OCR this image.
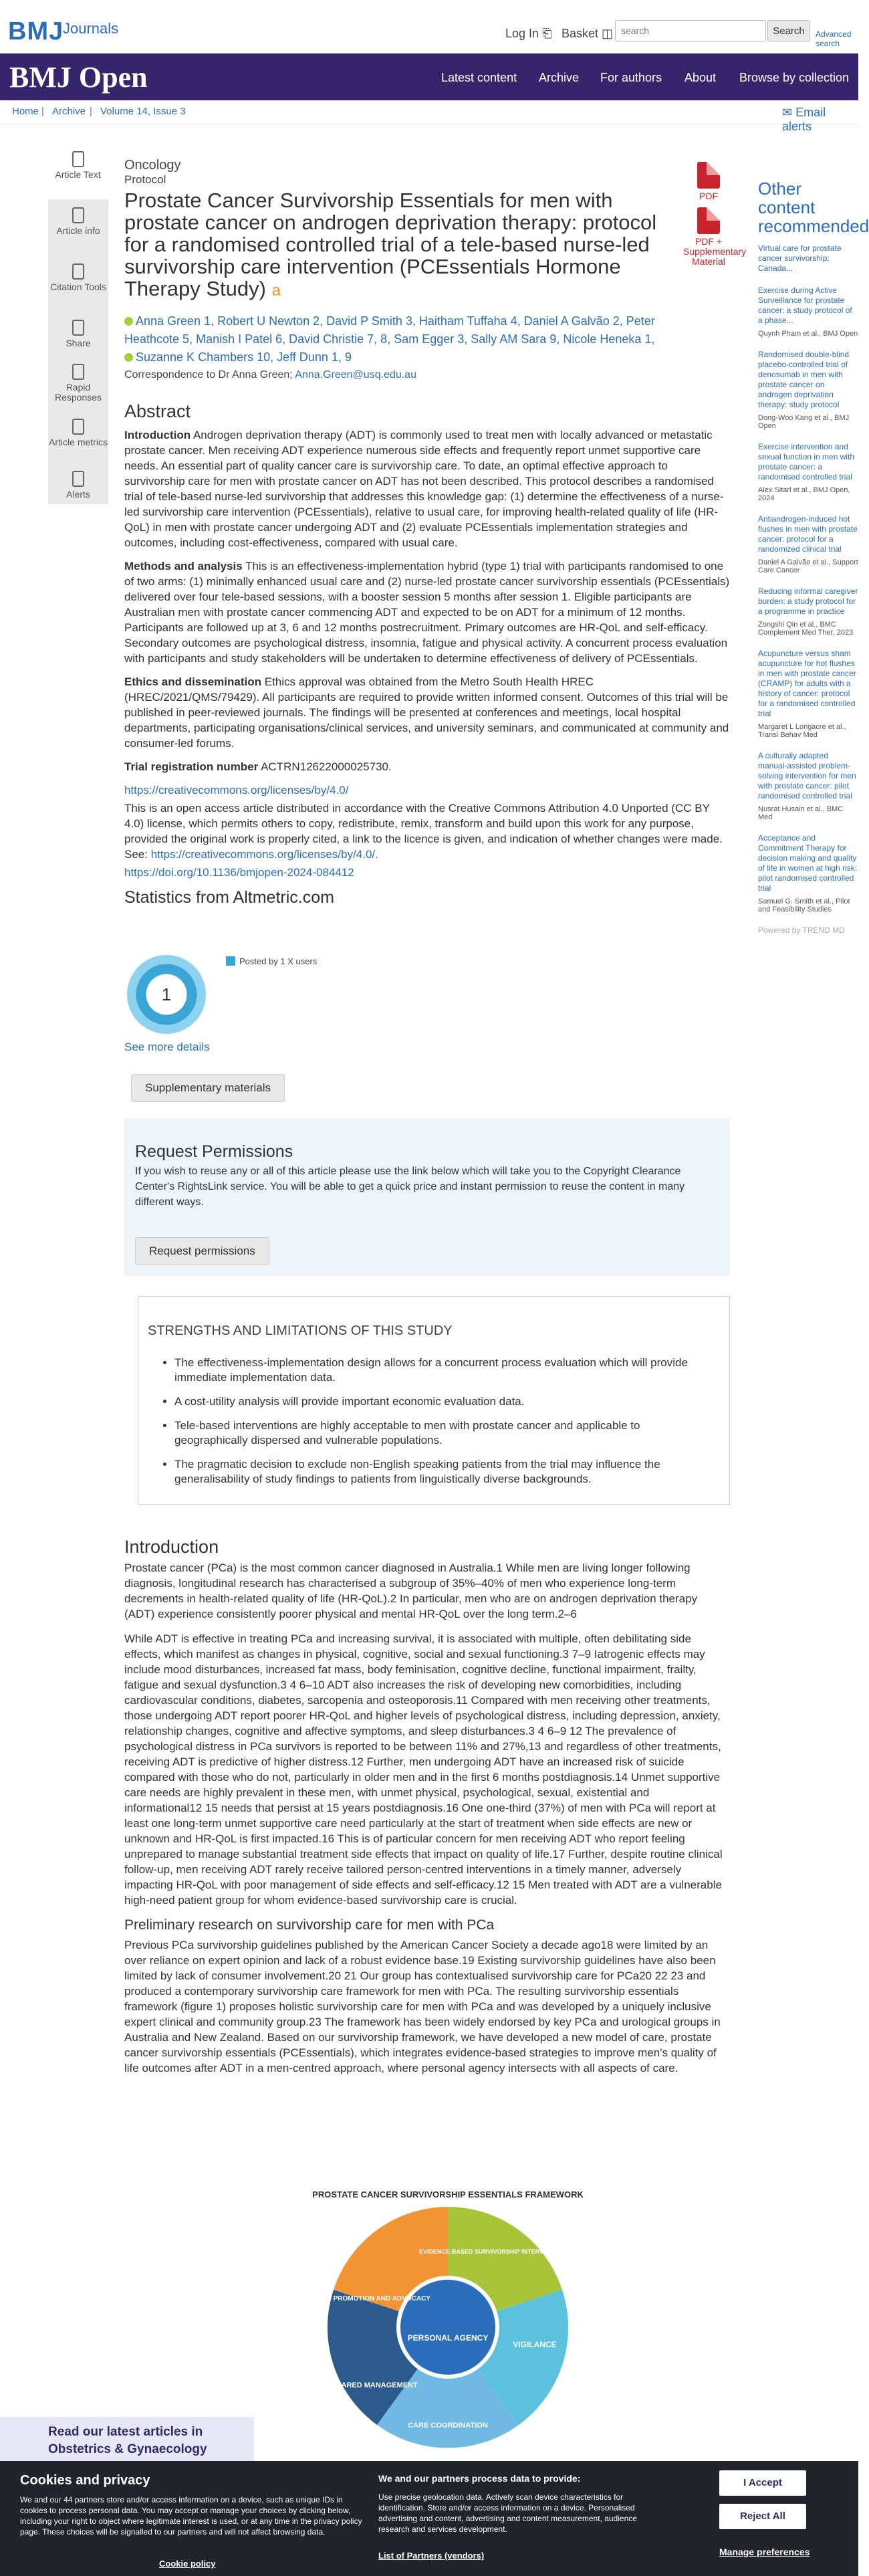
BMJ
Journals	Log In ⎗ Basket ◫
search	Search	Advanced search
BMJ Open	Latest content Archive For authors About Browse by collection
Home | Archive | Volume 14, Issue 3	✉ Email alerts
Article Text
Article info
Citation Tools
Share
Rapid Responses
Article metrics
Alerts
PDF
PDF + Supplementary Material
Oncology
Protocol
Prostate Cancer Survivorship Essentials for men with prostate cancer on androgen deprivation therapy: protocol for a randomised controlled trial of a tele-based nurse-led survivorship care intervention (PCEssentials Hormone Therapy Study) a
Anna Green 1, Robert U Newton 2, David P Smith 3, Haitham Tuffaha 4, Daniel A Galvão 2, Peter
Heathcote 5, Manish I Patel 6, David Christie 7, 8, Sam Egger 3, Sally AM Sara 9, Nicole Heneka 1,
Suzanne K Chambers 10, Jeff Dunn 1, 9
Correspondence to Dr Anna Green; Anna.Green@usq.edu.au
Abstract

Introduction Androgen deprivation therapy (ADT) is commonly used to treat men with locally advanced or metastatic prostate cancer. Men receiving ADT experience numerous side effects and frequently report unmet supportive care needs. An essential part of quality cancer care is survivorship care. To date, an optimal effective approach to survivorship care for men with prostate cancer on ADT has not been described. This protocol describes a randomised trial of tele-based nurse-led survivorship that addresses this knowledge gap: (1) determine the effectiveness of a nurse-led survivorship care intervention (PCEssentials), relative to usual care, for improving health-related quality of life (HR-QoL) in men with prostate cancer undergoing ADT and (2) evaluate PCEssentials implementation strategies and outcomes, including cost-effectiveness, compared with usual care.

Methods and analysis This is an effectiveness-implementation hybrid (type 1) trial with participants randomised to one of two arms: (1) minimally enhanced usual care and (2) nurse-led prostate cancer survivorship essentials (PCEssentials) delivered over four tele-based sessions, with a booster session 5 months after session 1. Eligible participants are Australian men with prostate cancer commencing ADT and expected to be on ADT for a minimum of 12 months. Participants are followed up at 3, 6 and 12 months postrecruitment. Primary outcomes are HR-QoL and self-efficacy. Secondary outcomes are psychological distress, insomnia, fatigue and physical activity. A concurrent process evaluation with participants and study stakeholders will be undertaken to determine effectiveness of delivery of PCEssentials.

Ethics and dissemination Ethics approval was obtained from the Metro South Health HREC (HREC/2021/QMS/79429). All participants are required to provide written informed consent. Outcomes of this trial will be published in peer-reviewed journals. The findings will be presented at conferences and meetings, local hospital departments, participating organisations/clinical services, and university seminars, and communicated at community and consumer-led forums.

Trial registration number ACTRN12622000025730.

https://creativecommons.org/licenses/by/4.0/

This is an open access article distributed in accordance with the Creative Commons Attribution 4.0 Unported (CC BY 4.0) license, which permits others to copy, redistribute, remix, transform and build upon this work for any purpose, provided the original work is properly cited, a link to the licence is given, and indication of whether changes were made. See: https://creativecommons.org/licenses/by/4.0/.

https://doi.org/10.1136/bmjopen-2024-084412

Statistics from Altmetric.com
1
Posted by 1 X users
See more details
Supplementary materials
Request Permissions
If you wish to reuse any or all of this article please use the link below which will take you to the Copyright Clearance Center's RightsLink service. You will be able to get a quick price and instant permission to reuse the content in many different ways.
Request permissions
STRENGTHS AND LIMITATIONS OF THIS STUDY
• The effectiveness-implementation design allows for a concurrent process evaluation which will provide immediate implementation data.
• A cost-utility analysis will provide important economic evaluation data.
• Tele-based interventions are highly acceptable to men with prostate cancer and applicable to geographically dispersed and vulnerable populations.
• The pragmatic decision to exclude non-English speaking patients from the trial may influence the generalisability of study findings to patients from linguistically diverse backgrounds.
Introduction

Prostate cancer (PCa) is the most common cancer diagnosed in Australia.1 While men are living longer following diagnosis, longitudinal research has characterised a subgroup of 35%–40% of men who experience long-term decrements in health-related quality of life (HR-QoL).2 In particular, men who are on androgen deprivation therapy (ADT) experience consistently poorer physical and mental HR-QoL over the long term.2–6

While ADT is effective in treating PCa and increasing survival, it is associated with multiple, often debilitating side effects, which manifest as changes in physical, cognitive, social and sexual functioning.3 7–9 Iatrogenic effects may include mood disturbances, increased fat mass, body feminisation, cognitive decline, functional impairment, frailty, fatigue and sexual dysfunction.3 4 6–10 ADT also increases the risk of developing new comorbidities, including cardiovascular conditions, diabetes, sarcopenia and osteoporosis.11 Compared with men receiving other treatments, those undergoing ADT report poorer HR-QoL and higher levels of psychological distress, including depression, anxiety, relationship changes, cognitive and affective symptoms, and sleep disturbances.3 4 6–9 12 The prevalence of psychological distress in PCa survivors is reported to be between 11% and 27%,13 and regardless of other treatments, receiving ADT is predictive of higher distress.12 Further, men undergoing ADT have an increased risk of suicide compared with those who do not, particularly in older men and in the first 6 months postdiagnosis.14 Unmet supportive care needs are highly prevalent in these men, with unmet physical, psychological, sexual, existential and informational12 15 needs that persist at 15 years postdiagnosis.16 One one-third (37%) of men with PCa will report at least one long-term unmet supportive care need particularly at the start of treatment when side effects are new or unknown and HR-QoL is first impacted.16 This is of particular concern for men receiving ADT who report feeling unprepared to manage substantial treatment side effects that impact on quality of life.17 Further, despite routine clinical follow-up, men receiving ADT rarely receive tailored person-centred interventions in a timely manner, adversely impacting HR-QoL with poor management of side effects and self-efficacy.12 15 Men treated with ADT are a vulnerable high-need patient group for whom evidence-based survivorship care is crucial.

Preliminary research on survivorship care for men with PCa

Previous PCa survivorship guidelines published by the American Cancer Society a decade ago18 were limited by an over reliance on expert opinion and lack of a robust evidence base.19 Existing survivorship guidelines have also been limited by lack of consumer involvement.20 21 Our group has contextualised survivorship care for PCa20 22 23 and produced a contemporary survivorship care framework for men with PCa. The resulting survivorship essentials framework (figure 1) proposes holistic survivorship care for men with PCa and was developed by a uniquely inclusive expert clinical and community group.23 The framework has been widely endorsed by key PCa and urological groups in Australia and New Zealand. Based on our survivorship framework, we have developed a new model of care, prostate cancer survivorship essentials (PCEssentials), which integrates evidence-based strategies to improve men's quality of life outcomes after ADT in a men-centred approach, where personal agency intersects with all aspects of care.

PROSTATE CANCER SURVIVORSHIP ESSENTIALS FRAMEWORK
PERSONAL AGENCY
EVIDENCE-BASED SURVIVORSHIP INTERVENTIONS
VIGILANCE
CARE COORDINATION
SHARED MANAGEMENT
HEALTH PROMOTION AND ADVOCACY
Other content recommended
Virtual care for prostate cancer survivorship: Canada...
Exercise during Active Surveillance for prostate cancer: a study protocol of a phase...
Quynh Pham et al., BMJ Open
Randomised double-blind placebo-controlled trial of denosumab in men with prostate cancer on androgen deprivation therapy: study protocol
Dong-Woo Kang et al., BMJ Open
Exercise intervention and sexual function in men with prostate cancer: a randomised controlled trial
Alex Sitarl et al., BMJ Open, 2024
Antiandrogen-induced hot flushes in men with prostate cancer: protocol for a randomized clinical trial
Daniel A Galvão et al., Support Care Cancer
Reducing informal caregiver burden: a study protocol for a programme in practice
Zongshi Qin et al., BMC Complement Med Ther, 2023
Acupuncture versus sham acupuncture for hot flushes in men with prostate cancer (CRAMP) for adults with a history of cancer: protocol for a randomised controlled trial
Margaret L Longacre et al., Transl Behav Med
A culturally adapted manual-assisted problem-solving intervention for men with prostate cancer: pilot randomised controlled trial
Nusrat Husain et al., BMC Med
Acceptance and Commitment Therapy for decision making and quality of life in women at high risk: pilot randomised controlled trial
Samuel G. Smith et al., Pilot and Feasibility Studies
Powered by TREND MD
Read our latest articles in
Obstetrics & Gynaecology
Cookies and privacy
We and our 44 partners store and/or access information on a device, such as unique IDs in cookies to process personal data. You may accept or manage your choices by clicking below, including your right to object where legitimate interest is used, or at any time in the privacy policy page. These choices will be signalled to our partners and will not affect browsing data.
Cookie policy
We and our partners process data to provide:
Use precise geolocation data. Actively scan device characteristics for identification. Store and/or access information on a device. Personalised advertising and content, advertising and content measurement, audience research and services development.
List of Partners (vendors)
I Accept
Reject All
Manage preferences
